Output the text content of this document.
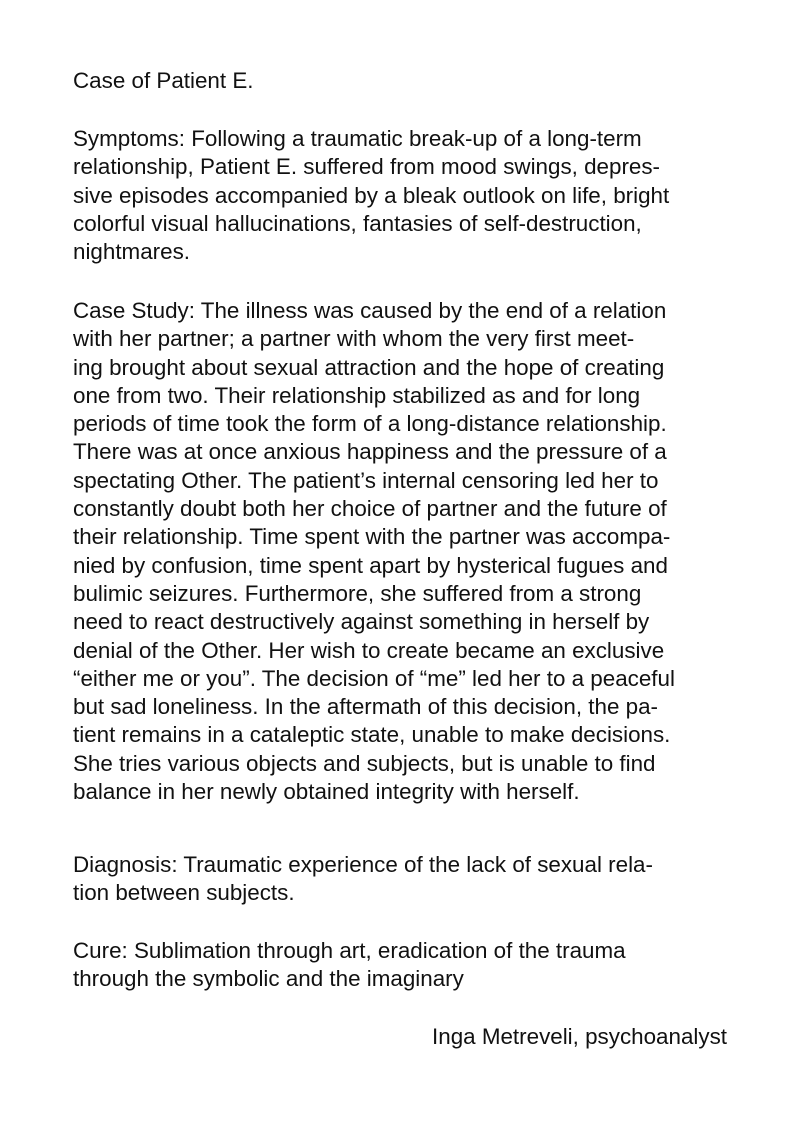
Case of Patient E.

Symptoms: Following a traumatic break-up of a long-term
relationship, Patient E. suffered from mood swings, depres-
sive episodes accompanied by a bleak outlook on life, bright
colorful visual hallucinations, fantasies of self-destruction,
nightmares.

Case Study: The illness was caused by the end of a relation
with her partner; a partner with whom the very first meet-
ing brought about sexual attraction and the hope of creating
one from two. Their relationship stabilized as and for long
periods of time took the form of a long-distance relationship.
There was at once anxious happiness and the pressure of a
spectating Other. The patient’s internal censoring led her to
constantly doubt both her choice of partner and the future of
their relationship. Time spent with the partner was accompa-
nied by confusion, time spent apart by hysterical fugues and
bulimic seizures. Furthermore, she suffered from a strong
need to react destructively against something in herself by
denial of the Other. Her wish to create became an exclusive
“either me or you”. The decision of “me” led her to a peaceful
but sad loneliness. In the aftermath of this decision, the pa-
tient remains in a cataleptic state, unable to make decisions.
She tries various objects and subjects, but is unable to find
balance in her newly obtained integrity with herself.

Diagnosis: Traumatic experience of the lack of sexual rela-
tion between subjects.

Cure: Sublimation through art, eradication of the trauma
through the symbolic and the imaginary

Inga Metreveli, psychoanalyst
